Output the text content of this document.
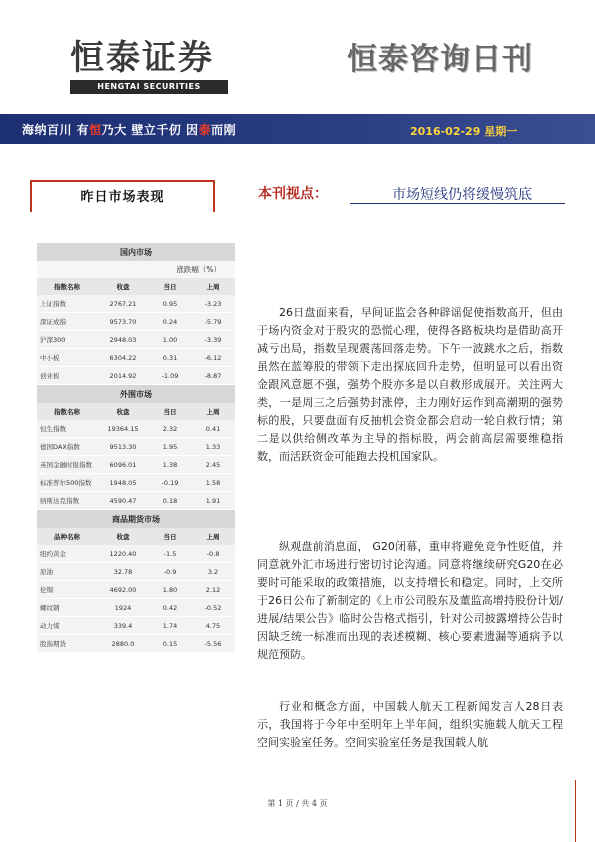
恒泰证券
HENGTAI SECURITIES
恒泰咨询日刊
海纳百川 有恒乃大 壁立千仞 因泰而刚	2016-02-29 星期一
昨日市场表现	本刊视点：	市场短线仍将缓慢筑底
国内市场			
涨跌幅（%）			
指数名称	收盘	当日	上周
上证指数	2767.21	0.95	-3.23
深证成指	9573.70	0.24	-5.79
沪深300	2948.03	1.00	-3.39
中小板	6304.22	0.31	-6.12
创业板	2014.92	-1.09	-8.87
外围市场			
指数名称	收盘	当日	上周
恒生指数	19364.15	2.32	0.41
德国DAX指数	9513.30	1.95	1.33
英国金融时报指数	6096.01	1.38	2.45
标准普尔500指数	1948.05	-0.19	1.58
纳斯达克指数	4590.47	0.18	1.91
商品期货市场			
品种名称	收盘	当日	上周
纽约黄金	1220.40	-1.5	-0.8
原油	32.78	-0.9	3.2
伦铜	4692.00	1.80	2.12
螺纹钢	1924	0.42	-0.52
动力煤	339.4	1.74	4.75
股指期货	2880.0	0.15	-5.56

26日盘面来看，早间证监会各种辟谣促使指数高开，但由于场内资金对于股灾的恐慌心理，使得各路板块均是借助高开减亏出局，指数呈现震荡回落走势。下午一波跳水之后，指数虽然在蓝筹股的带领下走出探底回升走势，但明显可以看出资金跟风意愿不强，强势个股亦多是以自救形成展开。关注两大类，一是周三之后强势封涨停，主力刚好运作到高潮期的强势标的股，只要盘面有反抽机会资金都会启动一轮自救行情；第二是以供给侧改革为主导的指标股，两会前高层需要维稳指数，而活跃资金可能跑去投机国家队。

纵观盘前消息面， G20闭幕，重申将避免竞争性贬值，并同意就外汇市场进行密切讨论沟通。同意将继续研究G20在必要时可能采取的政策措施，以支持增长和稳定。同时，上交所于26日公布了新制定的《上市公司股东及董监高增持股份计划/进展/结果公告》临时公告格式指引，针对公司披露增持公告时因缺乏统一标准而出现的表述模糊、核心要素遗漏等通病予以规范预防。

行业和概念方面，中国载人航天工程新闻发言人28日表示，我国将于今年中至明年上半年间，组织实施载人航天工程空间实验室任务。空间实验室任务是我国载人航

第 1 页 / 共 4 页
